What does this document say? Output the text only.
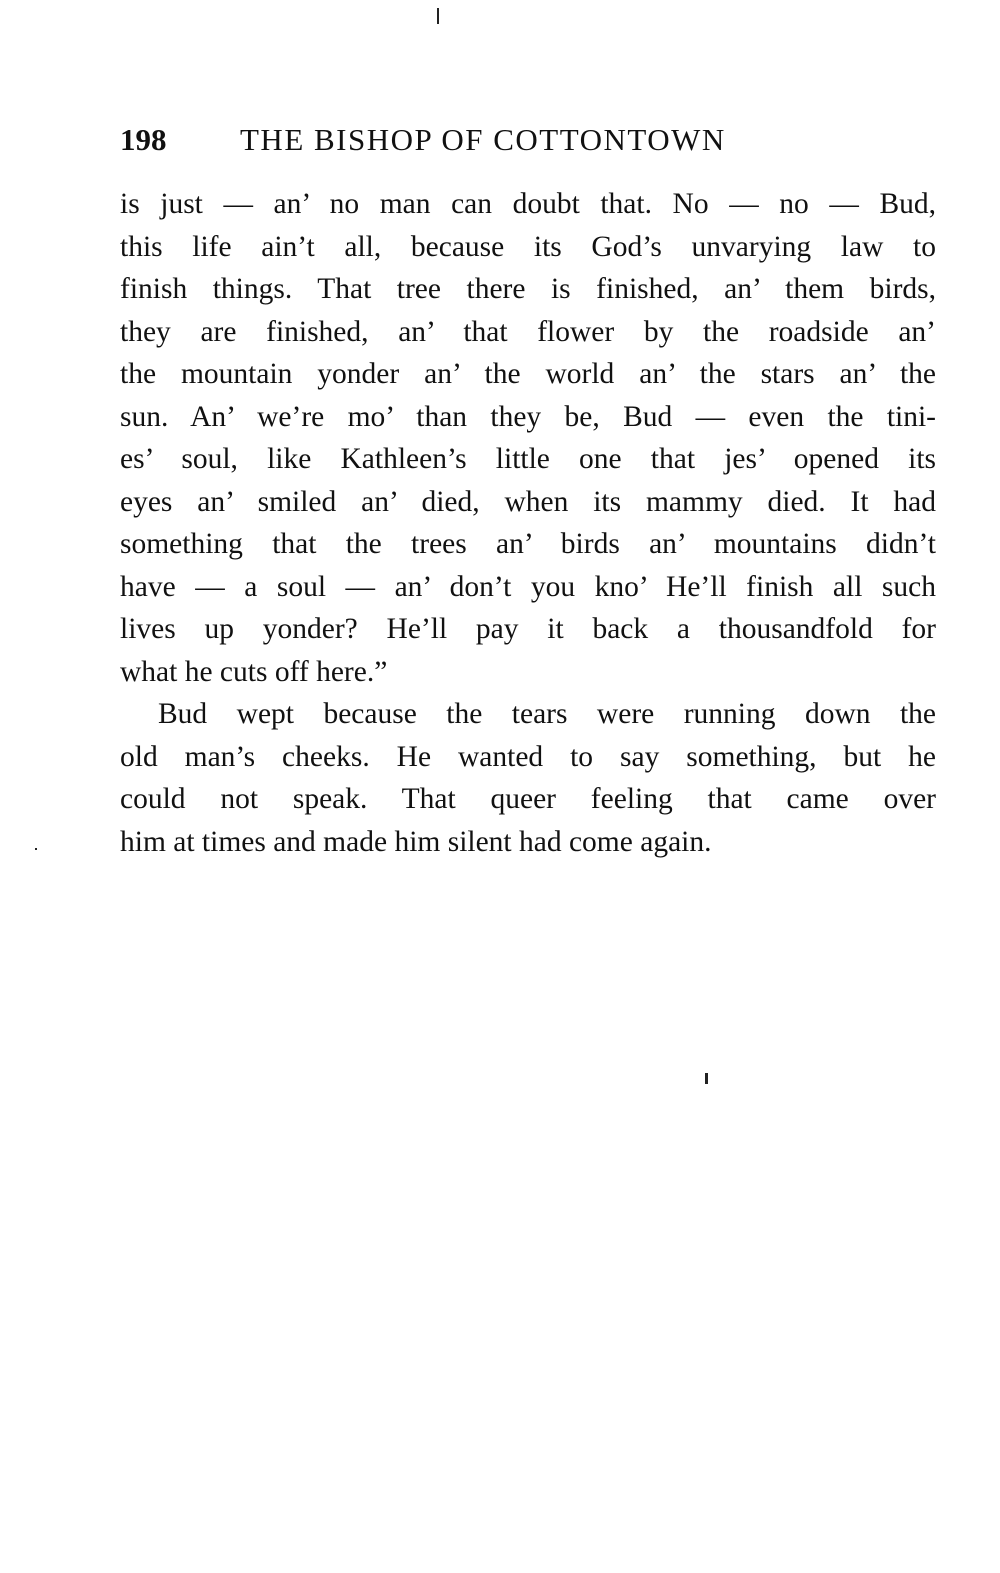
198 THE BISHOP OF COTTONTOWN
is just — an’ no man can doubt that. No — no — Bud,
this life ain’t all, because its God’s unvarying law to
finish things. That tree there is finished, an’ them birds,
they are finished, an’ that flower by the roadside an’
the mountain yonder an’ the world an’ the stars an’ the
sun. An’ we’re mo’ than they be, Bud — even the tini-
es’ soul, like Kathleen’s little one that jes’ opened its
eyes an’ smiled an’ died, when its mammy died. It had
something that the trees an’ birds an’ mountains didn’t
have — a soul — an’ don’t you kno’ He’ll finish all such
lives up yonder? He’ll pay it back a thousandfold for
what he cuts off here.”
Bud wept because the tears were running down the
old man’s cheeks. He wanted to say something, but he
could not speak. That queer feeling that came over
him at times and made him silent had come again.
